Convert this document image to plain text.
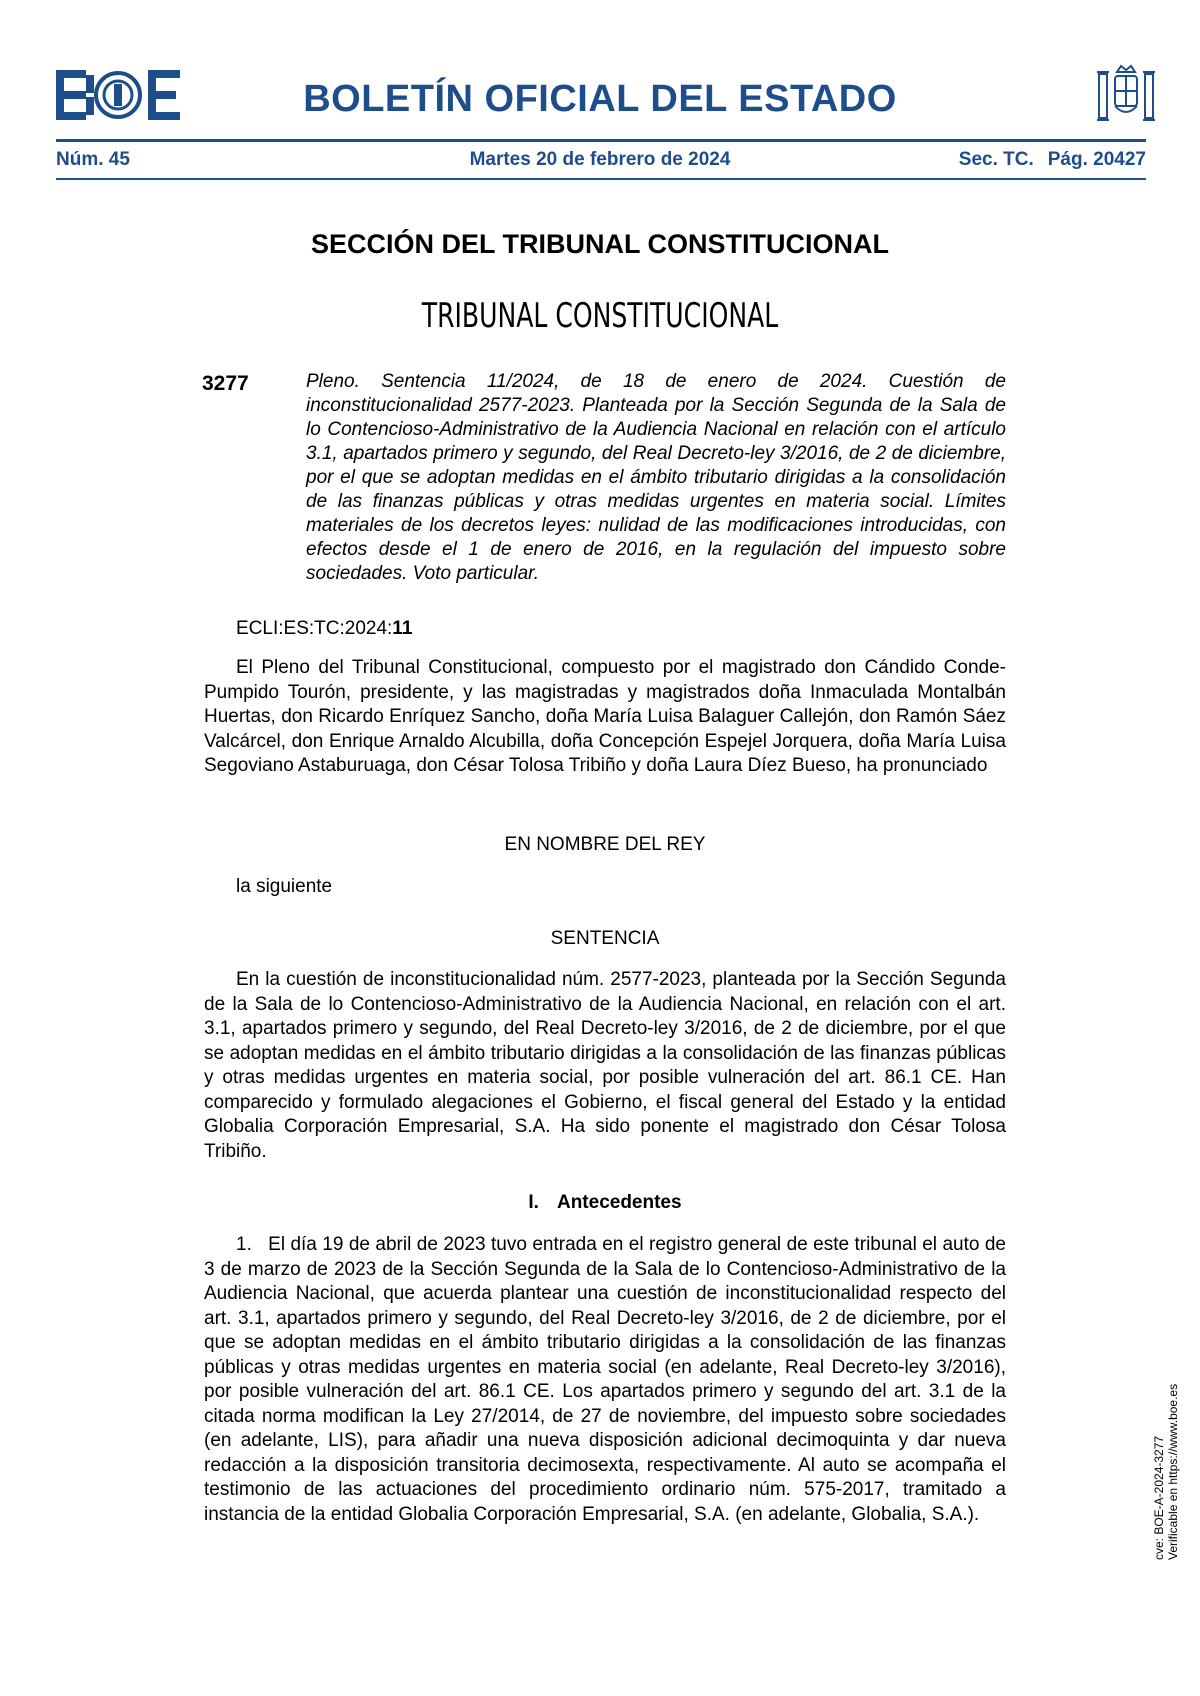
BOLETÍN OFICIAL DEL ESTADO
Núm. 45	Martes 20 de febrero de 2024	Sec. TC. Pág. 20427
SECCIÓN DEL TRIBUNAL CONSTITUCIONAL
TRIBUNAL CONSTITUCIONAL
3277	Pleno. Sentencia 11/2024, de 18 de enero de 2024. Cuestión de inconstitucionalidad 2577-2023. Planteada por la Sección Segunda de la Sala de lo Contencioso-Administrativo de la Audiencia Nacional en relación con el artículo 3.1, apartados primero y segundo, del Real Decreto-ley 3/2016, de 2 de diciembre, por el que se adoptan medidas en el ámbito tributario dirigidas a la consolidación de las finanzas públicas y otras medidas urgentes en materia social. Límites materiales de los decretos leyes: nulidad de las modificaciones introducidas, con efectos desde el 1 de enero de 2016, en la regulación del impuesto sobre sociedades. Voto particular.
ECLI:ES:TC:2024:11
El Pleno del Tribunal Constitucional, compuesto por el magistrado don Cándido Conde-Pumpido Tourón, presidente, y las magistradas y magistrados doña Inmaculada Montalbán Huertas, don Ricardo Enríquez Sancho, doña María Luisa Balaguer Callejón, don Ramón Sáez Valcárcel, don Enrique Arnaldo Alcubilla, doña Concepción Espejel Jorquera, doña María Luisa Segoviano Astaburuaga, don César Tolosa Tribiño y doña Laura Díez Bueso, ha pronunciado
EN NOMBRE DEL REY
la siguiente
SENTENCIA
En la cuestión de inconstitucionalidad núm. 2577-2023, planteada por la Sección Segunda de la Sala de lo Contencioso-Administrativo de la Audiencia Nacional, en relación con el art. 3.1, apartados primero y segundo, del Real Decreto-ley 3/2016, de 2 de diciembre, por el que se adoptan medidas en el ámbito tributario dirigidas a la consolidación de las finanzas públicas y otras medidas urgentes en materia social, por posible vulneración del art. 86.1 CE. Han comparecido y formulado alegaciones el Gobierno, el fiscal general del Estado y la entidad Globalia Corporación Empresarial, S.A. Ha sido ponente el magistrado don César Tolosa Tribiño.
I. Antecedentes
1. El día 19 de abril de 2023 tuvo entrada en el registro general de este tribunal el auto de 3 de marzo de 2023 de la Sección Segunda de la Sala de lo Contencioso-Administrativo de la Audiencia Nacional, que acuerda plantear una cuestión de inconstitucionalidad respecto del art. 3.1, apartados primero y segundo, del Real Decreto-ley 3/2016, de 2 de diciembre, por el que se adoptan medidas en el ámbito tributario dirigidas a la consolidación de las finanzas públicas y otras medidas urgentes en materia social (en adelante, Real Decreto-ley 3/2016), por posible vulneración del art. 86.1 CE. Los apartados primero y segundo del art. 3.1 de la citada norma modifican la Ley 27/2014, de 27 de noviembre, del impuesto sobre sociedades (en adelante, LIS), para añadir una nueva disposición adicional decimoquinta y dar nueva redacción a la disposición transitoria decimosexta, respectivamente. Al auto se acompaña el testimonio de las actuaciones del procedimiento ordinario núm. 575-2017, tramitado a instancia de la entidad Globalia Corporación Empresarial, S.A. (en adelante, Globalia, S.A.).	cve: BOE-A-2024-3277 Verificable en https://www.boe.es
